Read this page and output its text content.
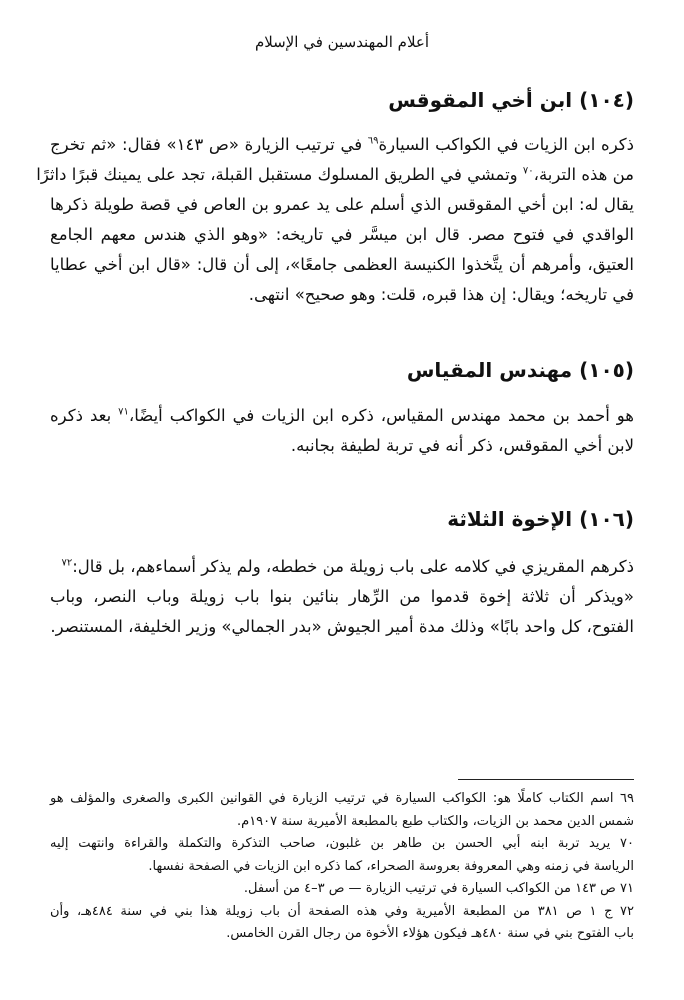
أعلام المهندسين في الإسلام
(١٠٤) ابن أخي المقوقس
ذكره ابن الزيات في الكواكب السيارة$^{٦٩}$ في ترتيب الزيارة «ص ١٤٣» فقال: «ثم تخرج
من هذه التربة،$^{٧٠}$ وتمشي في الطريق المسلوك مستقبل القبلة، تجد على يمينك قبرًا داثرًا
يقال له: ابن أخي المقوقس الذي أسلم على يد عمرو بن العاص في قصة طويلة ذكرها
الواقدي في فتوح مصر. قال ابن ميسَّر في تاريخه: «وهو الذي هندس معهم الجامع
العتيق، وأمرهم أن يتَّخذوا الكنيسة العظمى جامعًا»، إلى أن قال: «قال ابن أخي عطايا
في تاريخه؛ ويقال: إن هذا قبره، قلت: وهو صحيح» انتهى.
(١٠٥) مهندس المقياس
هو أحمد بن محمد مهندس المقياس، ذكره ابن الزيات في الكواكب أيضًا،$^{٧١}$ بعد ذكره
لابن أخي المقوقس، ذكر أنه في تربة لطيفة بجانبه.
(١٠٦) الإخوة الثلاثة
ذكرهم المقريزي في كلامه على باب زويلة من خططه، ولم يذكر أسماءهم، بل قال:$^{٧٢}$
«ويذكر أن ثلاثة إخوة قدموا من الرِّهار بنائين بنوا باب زويلة وباب النصر، وباب
الفتوح، كل واحد بابًا» وذلك مدة أمير الجيوش «بدر الجمالي» وزير الخليفة، المستنصر.
٦٩ اسم الكتاب كاملًا هو: الكواكب السيارة في ترتيب الزيارة في القوانين الكبرى والصغرى والمؤلف هو
شمس الدين محمد بن الزيات، والكتاب طبع بالمطبعة الأميرية سنة ١٩٠٧م.
٧٠ يريد تربة ابنه أبي الحسن بن طاهر بن غلبون، صاحب التذكرة والتكملة والقراءة وانتهت إليه
الرياسة في زمنه وهي المعروفة بعروسة الصحراء، كما ذكره ابن الزيات في الصفحة نفسها.
٧١ ص ١٤٣ من الكواكب السيارة في ترتيب الزيارة — ص ٣–٤ من أسفل.
٧٢ ج ١ ص ٣٨١ من المطبعة الأميرية وفي هذه الصفحة أن باب زويلة هذا بني في سنة ٤٨٤هـ، وأن
باب الفتوح بني في سنة ٤٨٠هـ فيكون هؤلاء الأخوة من رجال القرن الخامس.
